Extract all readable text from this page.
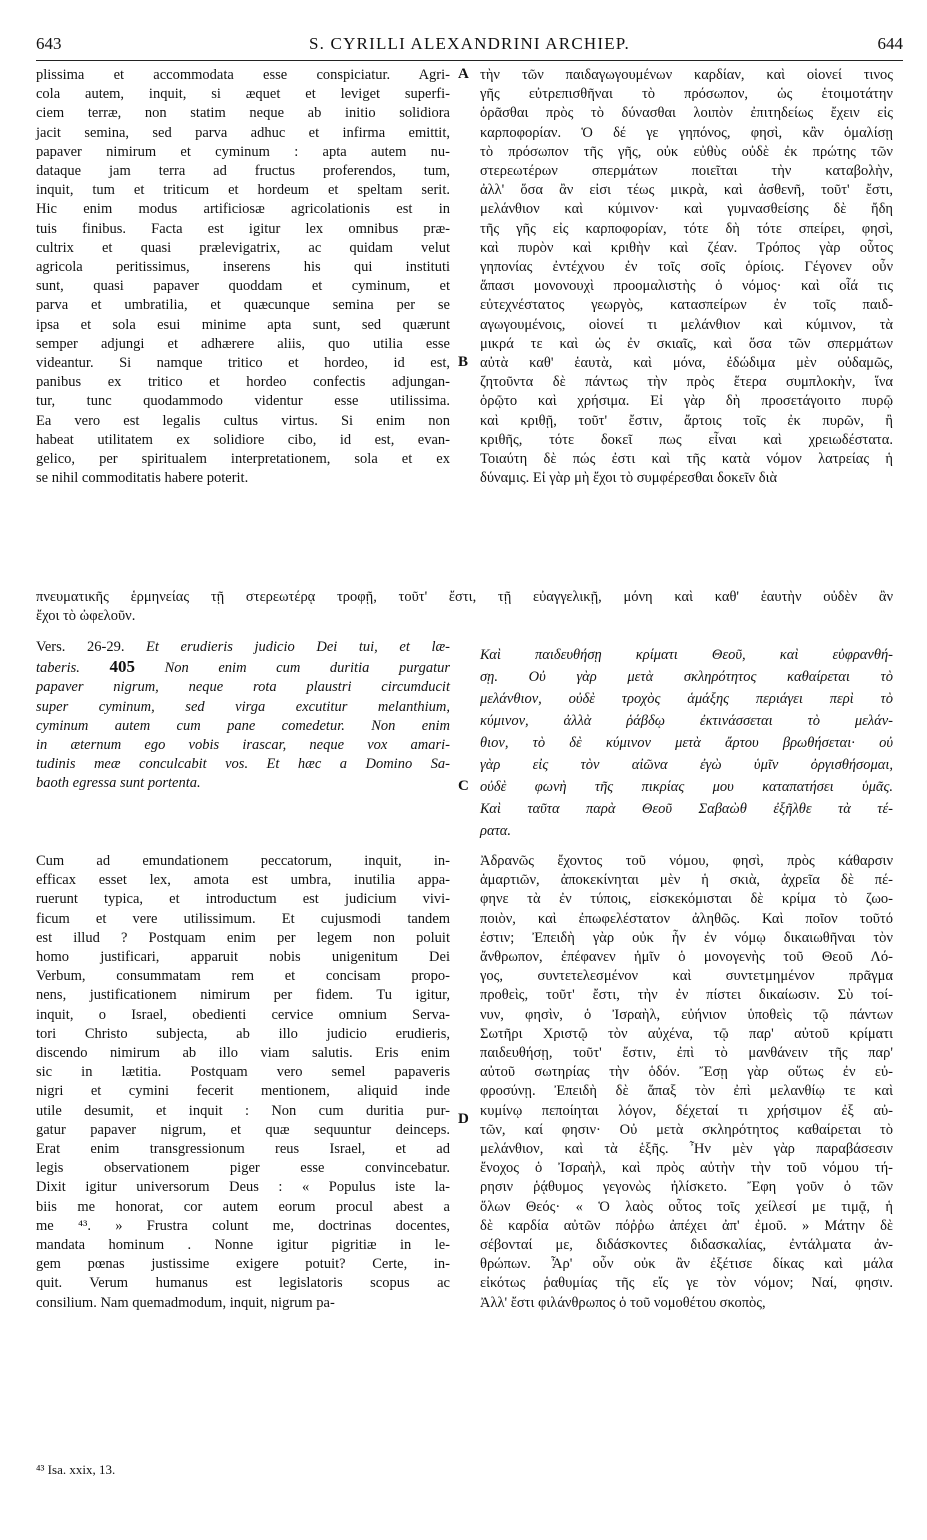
643	S. CYRILLI ALEXANDRINI ARCHIEP.	644
A
B
C
D
plissima et accommodata esse conspiciatur. Agri-
cola autem, inquit, si æquet et leviget superfi-
ciem terræ, non statim neque ab initio solidiora
jacit semina, sed parva adhuc et infirma emittit,
papaver nimirum et cyminum : apta autem nu-
dataque jam terra ad fructus proferendos, tum,
inquit, tum et triticum et hordeum et speltam serit.
Hic enim modus artificiosæ agricolationis est in
tuis finibus. Facta est igitur lex omnibus præ-
cultrix et quasi prælevigatrix, ac quidam velut
agricola peritissimus, inserens his qui instituti
sunt, quasi papaver quoddam et cyminum, et
parva et umbratilia, et quæcunque semina per se
ipsa et sola esui minime apta sunt, sed quærunt
semper adjungi et adhærere aliis, quo utilia esse
videantur. Si namque tritico et hordeo, id est,
panibus ex tritico et hordeo confectis adjungan-
tur, tunc quodammodo videntur esse utilissima.
Ea vero est legalis cultus virtus. Si enim non
habeat utilitatem ex solidiore cibo, id est, evan-
gelico, per spiritualem interpretationem, sola et ex
se nihil commoditatis habere poterit.
τὴν τῶν παιδαγωγουμένων καρδίαν, καὶ οἱονεί τινος
γῆς εὐτρεπισθῆναι τὸ πρόσωπον, ὡς ἑτοιμοτάτην
ὁρᾶσθαι πρὸς τὸ δύνασθαι λοιπὸν ἐπιτηδείως ἔχειν εἰς
καρποφορίαν. Ὁ δέ γε γηπόνος, φησὶ, κἂν ὁμαλίσῃ
τὸ πρόσωπον τῆς γῆς, οὐκ εὐθὺς οὐδὲ ἐκ πρώτης τῶν
στερεωτέρων σπερμάτων ποιεῖται τὴν καταβολὴν,
ἀλλ' ὅσα ἂν εἰσι τέως μικρὰ, καὶ ἀσθενῆ, τοῦτ' ἔστι,
μελάνθιον καὶ κύμινον· καὶ γυμνασθείσης δὲ ἤδη
τῆς γῆς εἰς καρποφορίαν, τότε δὴ τότε σπείρει, φησὶ,
καὶ πυρὸν καὶ κριθὴν καὶ ζέαν. Τρόπος γὰρ οὗτος
γηπονίας ἐντέχνου ἐν τοῖς σοῖς ὁρίοις. Γέγονεν οὖν
ἅπασι μονονουχὶ προομαλιστὴς ὁ νόμος· καὶ οἷά τις
εὐτεχνέστατος γεωργὸς, κατασπείρων ἐν τοῖς παιδ-
αγωγουμένοις, οἱονεί τι μελάνθιον καὶ κύμινον, τὰ
μικρά τε καὶ ὡς ἐν σκιαῖς, καὶ ὅσα τῶν σπερμάτων
αὐτὰ καθ' ἑαυτὰ, καὶ μόνα, ἐδώδιμα μὲν οὐδαμῶς,
ζητοῦντα δὲ πάντως τὴν πρὸς ἕτερα συμπλοκὴν, ἵνα
ὁρῷτο καὶ χρήσιμα. Εἰ γὰρ δὴ προσετάγοιτο πυρῷ
καὶ κριθῇ, τοῦτ' ἔστιν, ἄρτοις τοῖς ἐκ πυρῶν, ἢ
κριθῆς, τότε δοκεῖ πως εἶναι καὶ χρειωδέστατα.
Τοιαύτη δὲ πώς ἐστι καὶ τῆς κατὰ νόμον λατρείας ἡ
δύναμις. Εἰ γὰρ μὴ ἔχοι τὸ συμφέρεσθαι δοκεῖν διὰ
πνευματικῆς ἑρμηνείας τῇ στερεωτέρᾳ τροφῇ, τοῦτ' ἔστι, τῇ εὐαγγελικῇ, μόνη καὶ καθ' ἑαυτὴν οὐδὲν ἂν
ἔχοι τὸ ὠφελοῦν.
Vers. 26-29. Et erudieris judicio Dei tui, et læ-
taberis. 405 Non enim cum duritia purgatur
papaver nigrum, neque rota plaustri circumducit
super cyminum, sed virga excutitur melanthium,
cyminum autem cum pane comedetur. Non enim
in æternum ego vobis irascar, neque vox amari-
tudinis meæ conculcabit vos. Et hæc a Domino Sa-
baoth egressa sunt portenta.
Καὶ παιδευθήσῃ κρίματι Θεοῦ, καὶ εὐφρανθή-
σῃ. Οὐ γὰρ μετὰ σκληρότητος καθαίρεται τὸ
μελάνθιον, οὐδὲ τροχὸς ἁμάξης περιάγει περὶ τὸ
κύμινον, ἀλλὰ ῥάβδῳ ἐκτινάσσεται τὸ μελάν-
θιον, τὸ δὲ κύμινον μετὰ ἄρτου βρωθήσεται· οὐ
γὰρ εἰς τὸν αἰῶνα ἐγὼ ὑμῖν ὀργισθήσομαι,
οὐδὲ φωνὴ τῆς πικρίας μου καταπατήσει ὑμᾶς.
Καὶ ταῦτα παρὰ Θεοῦ Σαβαὼθ ἐξῆλθε τὰ τέ-
ρατα.
Cum ad emundationem peccatorum, inquit, in-
efficax esset lex, amota est umbra, inutilia appa-
ruerunt typica, et introductum est judicium vivi-
ficum et vere utilissimum. Et cujusmodi tandem
est illud ? Postquam enim per legem non poluit
homo justificari, apparuit nobis unigenitum Dei
Verbum, consummatam rem et concisam propo-
nens, justificationem nimirum per fidem. Tu igitur,
inquit, o Israel, obedienti cervice omnium Serva-
tori Christo subjecta, ab illo judicio erudieris,
discendo nimirum ab illo viam salutis. Eris enim
sic in lætitia. Postquam vero semel papaveris
nigri et cymini fecerit mentionem, aliquid inde
utile desumit, et inquit : Non cum duritia pur-
gatur papaver nigrum, et quæ sequuntur deinceps.
Erat enim transgressionum reus Israel, et ad
legis observationem piger esse convincebatur.
Dixit igitur universorum Deus : « Populus iste la-
biis me honorat, cor autem eorum procul abest a
me ⁴³. » Frustra colunt me, doctrinas docentes,
mandata hominum . Nonne igitur pigritiæ in le-
gem pœnas justissime exigere potuit? Certe, in-
quit. Verum humanus est legislatoris scopus ac
consilium. Nam quemadmodum, inquit, nigrum pa-
Ἀδρανῶς ἔχοντος τοῦ νόμου, φησὶ, πρὸς κάθαρσιν
ἁμαρτιῶν, ἀποκεκίνηται μὲν ἡ σκιὰ, ἀχρεῖα δὲ πέ-
φηνε τὰ ἐν τύποις, εἰσκεκόμισται δὲ κρίμα τὸ ζωο-
ποιὸν, καὶ ἐπωφελέστατον ἀληθῶς. Καὶ ποῖον τοῦτό
ἐστιν; Ἐπειδὴ γὰρ οὐκ ἦν ἐν νόμῳ δικαιωθῆναι τὸν
ἄνθρωπον, ἐπέφανεν ἡμῖν ὁ μονογενὴς τοῦ Θεοῦ Λό-
γος, συντετελεσμένον καὶ συντετμημένον πρᾶγμα
προθεὶς, τοῦτ' ἔστι, τὴν ἐν πίστει δικαίωσιν. Σὺ τοί-
νυν, φησὶν, ὁ Ἰσραὴλ, εὐήνιον ὑποθεὶς τῷ πάντων
Σωτῆρι Χριστῷ τὸν αὐχένα, τῷ παρ' αὐτοῦ κρίματι
παιδευθήσῃ, τοῦτ' ἔστιν, ἐπὶ τὸ μανθάνειν τῆς παρ'
αὐτοῦ σωτηρίας τὴν ὁδόν. Ἔσῃ γὰρ οὕτως ἐν εὐ-
φροσύνῃ. Ἐπειδὴ δὲ ἅπαξ τὸν ἐπὶ μελανθίῳ τε καὶ
κυμίνῳ πεποίηται λόγον, δέχεταί τι χρήσιμον ἐξ αὐ-
τῶν, καί φησιν· Οὐ μετὰ σκληρότητος καθαίρεται τὸ
μελάνθιον, καὶ τὰ ἑξῆς. Ἦν μὲν γὰρ παραβάσεσιν
ἔνοχος ὁ Ἰσραὴλ, καὶ πρὸς αὐτὴν τὴν τοῦ νόμου τή-
ρησιν ῥᾴθυμος γεγονὼς ἠλίσκετο. Ἔφη γοῦν ὁ τῶν
ὅλων Θεός· « Ὁ λαὸς οὗτος τοῖς χείλεσί με τιμᾷ, ἡ
δὲ καρδία αὐτῶν πόῤῥω ἀπέχει ἀπ' ἐμοῦ. » Μάτην δὲ
σέβονταί με, διδάσκοντες διδασκαλίας, ἐντάλματα ἀν-
θρώπων. Ἆρ' οὖν οὐκ ἂν ἐξέτισε δίκας καὶ μάλα
εἰκότως ῥαθυμίας τῆς εἴς γε τὸν νόμον; Ναί, φησιν.
Ἀλλ' ἔστι φιλάνθρωπος ὁ τοῦ νομοθέτου σκοπὸς,
⁴³ Isa. xxix, 13.
